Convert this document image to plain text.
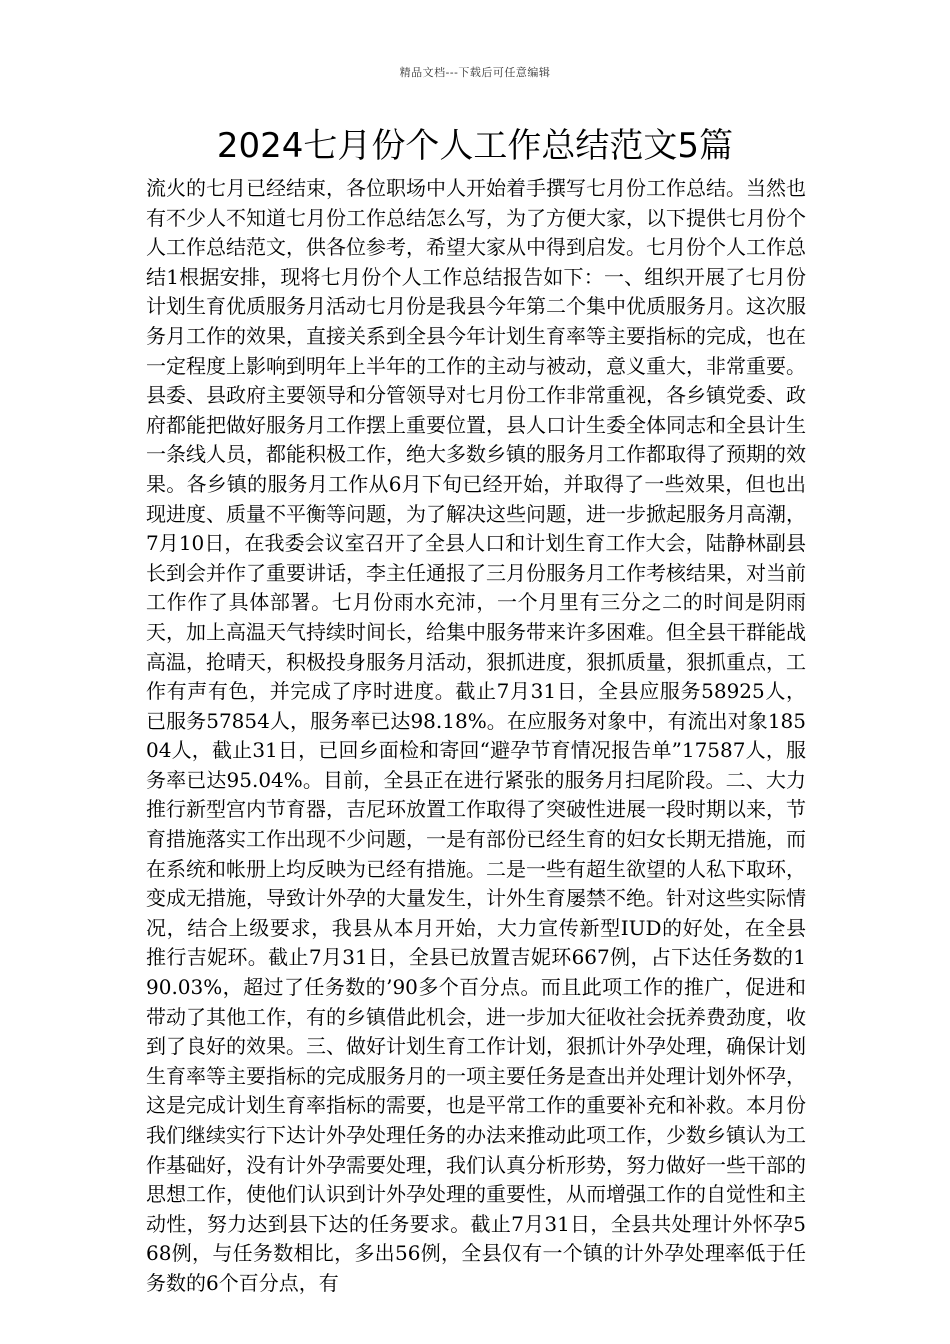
精品文档---下载后可任意编辑
2024七月份个人工作总结范文5篇

流火的七月已经结束，各位职场中人开始着手撰写七月份工作总结。当然也有不少人不知道七月份工作总结怎么写，为了方便大家，以下提供七月份个人工作总结范文，供各位参考，希望大家从中得到启发。七月份个人工作总结1根据安排，现将七月份个人工作总结报告如下：一、组织开展了七月份计划生育优质服务月活动七月份是我县今年第二个集中优质服务月。这次服务月工作的效果，直接关系到全县今年计划生育率等主要指标的完成，也在一定程度上影响到明年上半年的工作的主动与被动，意义重大，非常重要。县委、县政府主要领导和分管领导对七月份工作非常重视，各乡镇党委、政府都能把做好服务月工作摆上重要位置，县人口计生委全体同志和全县计生一条线人员，都能积极工作，绝大多数乡镇的服务月工作都取得了预期的效果。各乡镇的服务月工作从6月下旬已经开始，并取得了一些效果，但也出现进度、质量不平衡等问题，为了解决这些问题，进一步掀起服务月高潮，7月10日，在我委会议室召开了全县人口和计划生育工作大会，陆静林副县长到会并作了重要讲话，李主任通报了三月份服务月工作考核结果，对当前工作作了具体部署。七月份雨水充沛，一个月里有三分之二的时间是阴雨天，加上高温天气持续时间长，给集中服务带来许多困难。但全县干群能战高温，抢晴天，积极投身服务月活动，狠抓进度，狠抓质量，狠抓重点，工作有声有色，并完成了序时进度。截止7月31日，全县应服务58925人，已服务57854人，服务率已达98.18%。在应服务对象中，有流出对象18504人，截止31日，已回乡面检和寄回“避孕节育情况报告单”17587人，服务率已达95.04%。目前，全县正在进行紧张的服务月扫尾阶段。二、大力推行新型宫内节育器，吉尼环放置工作取得了突破性进展一段时期以来，节育措施落实工作出现不少问题，一是有部份已经生育的妇女长期无措施，而在系统和帐册上均反映为已经有措施。二是一些有超生欲望的人私下取环，变成无措施，导致计外孕的大量发生，计外生育屡禁不绝。针对这些实际情况，结合上级要求，我县从本月开始，大力宣传新型IUD的好处，在全县推行吉妮环。截止7月31日，全县已放置吉妮环667例，占下达任务数的190.03%，超过了任务数的’90多个百分点。而且此项工作的推广，促进和带动了其他工作，有的乡镇借此机会，进一步加大征收社会抚养费劲度，收到了良好的效果。三、做好计划生育工作计划，狠抓计外孕处理，确保计划生育率等主要指标的完成服务月的一项主要任务是查出并处理计划外怀孕，这是完成计划生育率指标的需要，也是平常工作的重要补充和补救。本月份我们继续实行下达计外孕处理任务的办法来推动此项工作，少数乡镇认为工作基础好，没有计外孕需要处理，我们认真分析形势，努力做好一些干部的思想工作，使他们认识到计外孕处理的重要性，从而增强工作的自觉性和主动性，努力达到县下达的任务要求。截止7月31日，全县共处理计外怀孕568例，与任务数相比，多出56例，全县仅有一个镇的计外孕处理率低于任务数的6个百分点，有
